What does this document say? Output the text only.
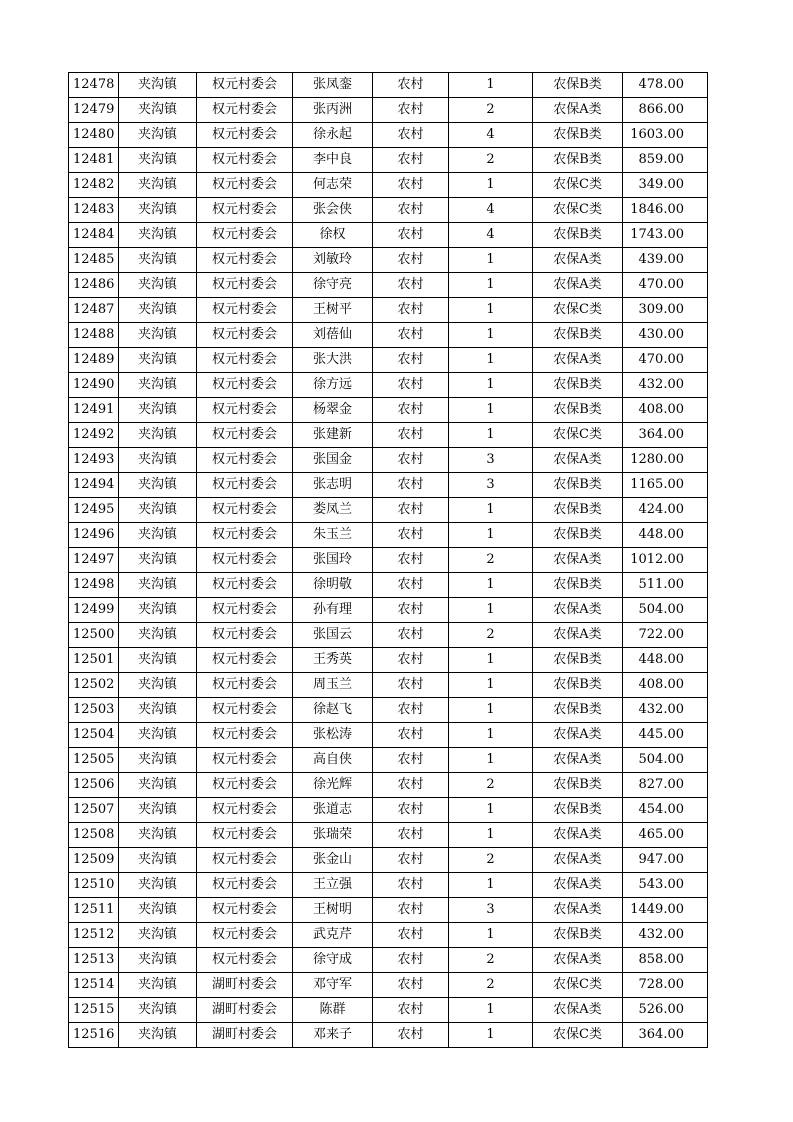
12478	夹沟镇	权元村委会	张凤銮	农村	1	农保B类	478.00
12479	夹沟镇	权元村委会	张丙洲	农村	2	农保A类	866.00
12480	夹沟镇	权元村委会	徐永起	农村	4	农保B类	1603.00
12481	夹沟镇	权元村委会	李中良	农村	2	农保B类	859.00
12482	夹沟镇	权元村委会	何志荣	农村	1	农保C类	349.00
12483	夹沟镇	权元村委会	张会侠	农村	4	农保C类	1846.00
12484	夹沟镇	权元村委会	徐权	农村	4	农保B类	1743.00
12485	夹沟镇	权元村委会	刘敏玲	农村	1	农保A类	439.00
12486	夹沟镇	权元村委会	徐守亮	农村	1	农保A类	470.00
12487	夹沟镇	权元村委会	王树平	农村	1	农保C类	309.00
12488	夹沟镇	权元村委会	刘蓓仙	农村	1	农保B类	430.00
12489	夹沟镇	权元村委会	张大洪	农村	1	农保A类	470.00
12490	夹沟镇	权元村委会	徐方远	农村	1	农保B类	432.00
12491	夹沟镇	权元村委会	杨翠金	农村	1	农保B类	408.00
12492	夹沟镇	权元村委会	张建新	农村	1	农保C类	364.00
12493	夹沟镇	权元村委会	张国金	农村	3	农保A类	1280.00
12494	夹沟镇	权元村委会	张志明	农村	3	农保B类	1165.00
12495	夹沟镇	权元村委会	娄凤兰	农村	1	农保B类	424.00
12496	夹沟镇	权元村委会	朱玉兰	农村	1	农保B类	448.00
12497	夹沟镇	权元村委会	张国玲	农村	2	农保A类	1012.00
12498	夹沟镇	权元村委会	徐明敬	农村	1	农保B类	511.00
12499	夹沟镇	权元村委会	孙有理	农村	1	农保A类	504.00
12500	夹沟镇	权元村委会	张国云	农村	2	农保A类	722.00
12501	夹沟镇	权元村委会	王秀英	农村	1	农保B类	448.00
12502	夹沟镇	权元村委会	周玉兰	农村	1	农保B类	408.00
12503	夹沟镇	权元村委会	徐赵飞	农村	1	农保B类	432.00
12504	夹沟镇	权元村委会	张松涛	农村	1	农保A类	445.00
12505	夹沟镇	权元村委会	高自侠	农村	1	农保A类	504.00
12506	夹沟镇	权元村委会	徐光辉	农村	2	农保B类	827.00
12507	夹沟镇	权元村委会	张道志	农村	1	农保B类	454.00
12508	夹沟镇	权元村委会	张瑞荣	农村	1	农保A类	465.00
12509	夹沟镇	权元村委会	张金山	农村	2	农保A类	947.00
12510	夹沟镇	权元村委会	王立强	农村	1	农保A类	543.00
12511	夹沟镇	权元村委会	王树明	农村	3	农保A类	1449.00
12512	夹沟镇	权元村委会	武克芹	农村	1	农保B类	432.00
12513	夹沟镇	权元村委会	徐守成	农村	2	农保A类	858.00
12514	夹沟镇	湖町村委会	邓守军	农村	2	农保C类	728.00
12515	夹沟镇	湖町村委会	陈群	农村	1	农保A类	526.00
12516	夹沟镇	湖町村委会	邓来子	农村	1	农保C类	364.00
